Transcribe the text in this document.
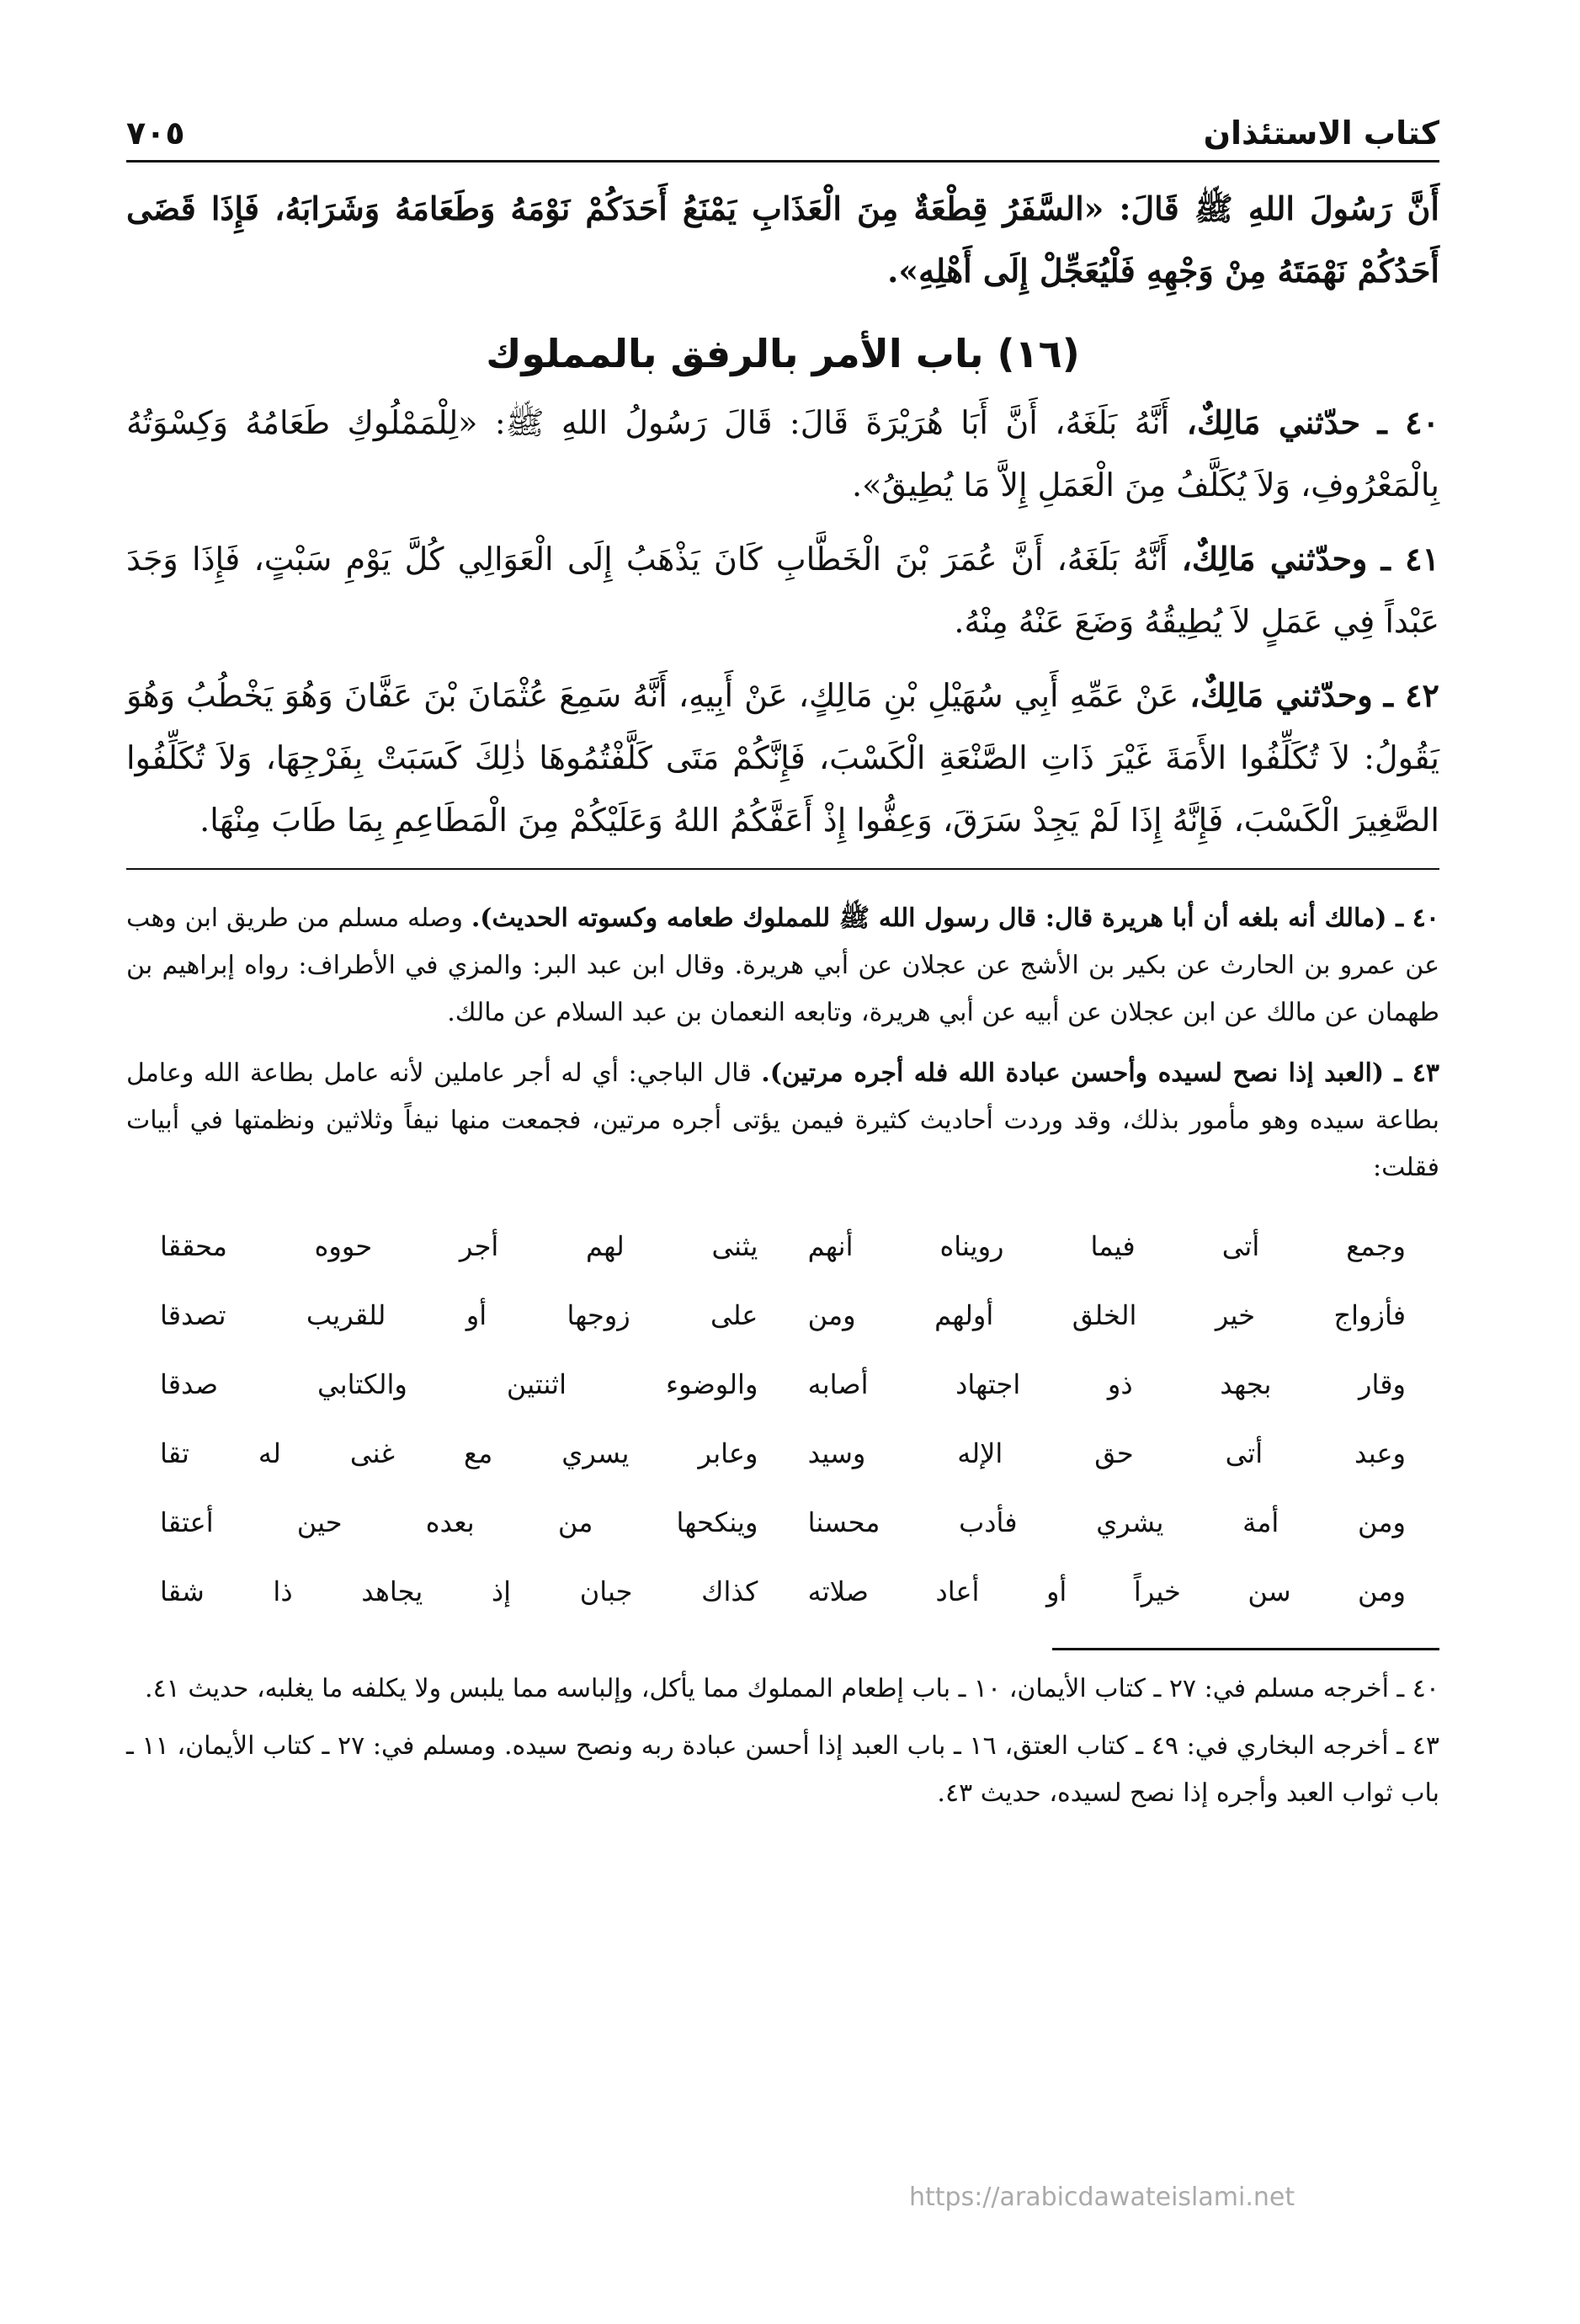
كتاب الاستئذان
٧٠٥

أَنَّ رَسُولَ اللهِ ﷺ قَالَ: «السَّفَرُ قِطْعَةٌ مِنَ الْعَذَابِ يَمْنَعُ أَحَدَكُمْ نَوْمَهُ وَطَعَامَهُ وَشَرَابَهُ، فَإِذَا قَضَى أَحَدُكُمْ نَهْمَتَهُ مِنْ وَجْهِهِ فَلْيُعَجِّلْ إِلَى أَهْلِهِ».

(١٦) باب الأمر بالرفق بالمملوك

٤٠ ـ حدّثني مَالِكٌ، أَنَّهُ بَلَغَهُ، أَنَّ أَبَا هُرَيْرَةَ قَالَ: قَالَ رَسُولُ اللهِ ﷺ: «لِلْمَمْلُوكِ طَعَامُهُ وَكِسْوَتُهُ بِالْمَعْرُوفِ، وَلاَ يُكَلَّفُ مِنَ الْعَمَلِ إِلاَّ مَا يُطِيقُ».

٤١ ـ وحدّثني مَالِكٌ، أَنَّهُ بَلَغَهُ، أَنَّ عُمَرَ بْنَ الْخَطَّابِ كَانَ يَذْهَبُ إِلَى الْعَوَالِي كُلَّ يَوْمِ سَبْتٍ، فَإِذَا وَجَدَ عَبْداً فِي عَمَلٍ لاَ يُطِيقُهُ وَضَعَ عَنْهُ مِنْهُ.

٤٢ ـ وحدّثني مَالِكٌ، عَنْ عَمِّهِ أَبِي سُهَيْلِ بْنِ مَالِكٍ، عَنْ أَبِيهِ، أَنَّهُ سَمِعَ عُثْمَانَ بْنَ عَفَّانَ وَهُوَ يَخْطُبُ وَهُوَ يَقُولُ: لاَ تُكَلِّفُوا الأَمَةَ غَيْرَ ذَاتِ الصَّنْعَةِ الْكَسْبَ، فَإِنَّكُمْ مَتَى كَلَّفْتُمُوهَا ذٰلِكَ كَسَبَتْ بِفَرْجِهَا، وَلاَ تُكَلِّفُوا الصَّغِيرَ الْكَسْبَ، فَإِنَّهُ إِذَا لَمْ يَجِدْ سَرَقَ، وَعِفُّوا إِذْ أَعَفَّكُمُ اللهُ وَعَلَيْكُمْ مِنَ الْمَطَاعِمِ بِمَا طَابَ مِنْهَا.

٤٠ ـ (مالك أنه بلغه أن أبا هريرة قال: قال رسول الله ﷺ للمملوك طعامه وكسوته الحديث). وصله مسلم من طريق ابن وهب عن عمرو بن الحارث عن بكير بن الأشج عن عجلان عن أبي هريرة. وقال ابن عبد البر: والمزي في الأطراف: رواه إبراهيم بن طهمان عن مالك عن ابن عجلان عن أبيه عن أبي هريرة، وتابعه النعمان بن عبد السلام عن مالك.

٤٣ ـ (العبد إذا نصح لسيده وأحسن عبادة الله فله أجره مرتين). قال الباجي: أي له أجر عاملين لأنه عامل بطاعة الله وعامل بطاعة سيده وهو مأمور بذلك، وقد وردت أحاديث كثيرة فيمن يؤتى أجره مرتين، فجمعت منها نيفاً وثلاثين ونظمتها في أبيات فقلت:

وجمع أتى فيما رويناه أنهم
يثنى لهم أجر حووه محققا
فأزواج خير الخلق أولهم ومن
على زوجها أو للقريب تصدقا
وقار بجهد ذو اجتهاد أصابه
والوضوء اثنتين والكتابي صدقا
وعبد أتى حق الإله وسيد
وعابر يسري مع غنى له تقا
ومن أمة يشري فأدب محسنا
وينكحها من بعده حين أعتقا
ومن سن خيراً أو أعاد صلاته
كذاك جبان إذ يجاهد ذا شقا

٤٠ ـ أخرجه مسلم في: ٢٧ ـ كتاب الأيمان، ١٠ ـ باب إطعام المملوك مما يأكل، وإلباسه مما يلبس ولا يكلفه ما يغلبه، حديث ٤١.

٤٣ ـ أخرجه البخاري في: ٤٩ ـ كتاب العتق، ١٦ ـ باب العبد إذا أحسن عبادة ربه ونصح سيده. ومسلم في: ٢٧ ـ كتاب الأيمان، ١١ ـ باب ثواب العبد وأجره إذا نصح لسيده، حديث ٤٣.

https://arabicdawateislami.net
